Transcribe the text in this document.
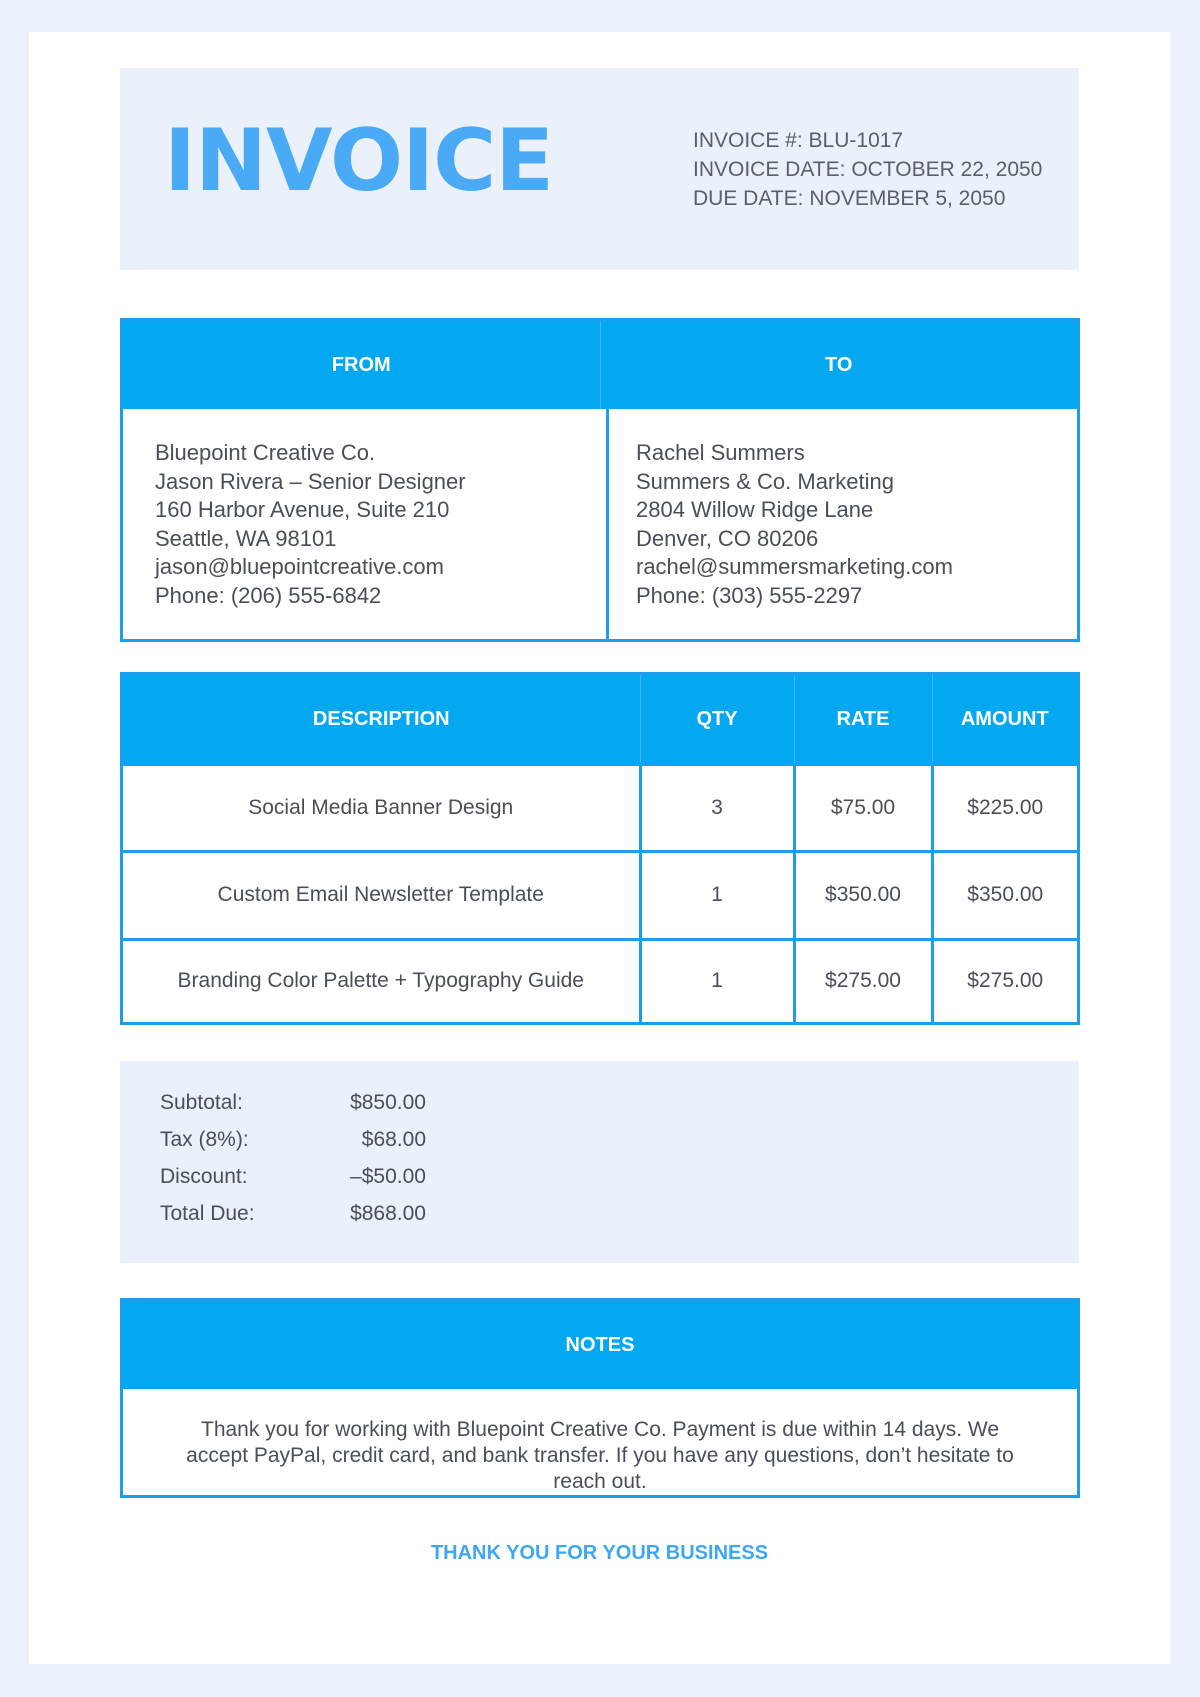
INVOICE	INVOICE #: BLU-1017
INVOICE DATE: OCTOBER 22, 2050
DUE DATE: NOVEMBER 5, 2050
FROM	TO
Bluepoint Creative Co.
Jason Rivera – Senior Designer
160 Harbor Avenue, Suite 210
Seattle, WA 98101
jason@bluepointcreative.com
Phone: (206) 555-6842
Rachel Summers
Summers & Co. Marketing
2804 Willow Ridge Lane
Denver, CO 80206
rachel@summersmarketing.com
Phone: (303) 555-2297
DESCRIPTION	QTY	RATE	AMOUNT
Social Media Banner Design	3	$75.00	$225.00
Custom Email Newsletter Template	1	$350.00	$350.00
Branding Color Palette + Typography Guide	1	$275.00	$275.00
Subtotal:	$850.00
Tax (8%):	$68.00
Discount:	–$50.00
Total Due:	$868.00
NOTES
Thank you for working with Bluepoint Creative Co. Payment is due within 14 days. We accept PayPal, credit card, and bank transfer. If you have any questions, don’t hesitate to reach out.
THANK YOU FOR YOUR BUSINESS
